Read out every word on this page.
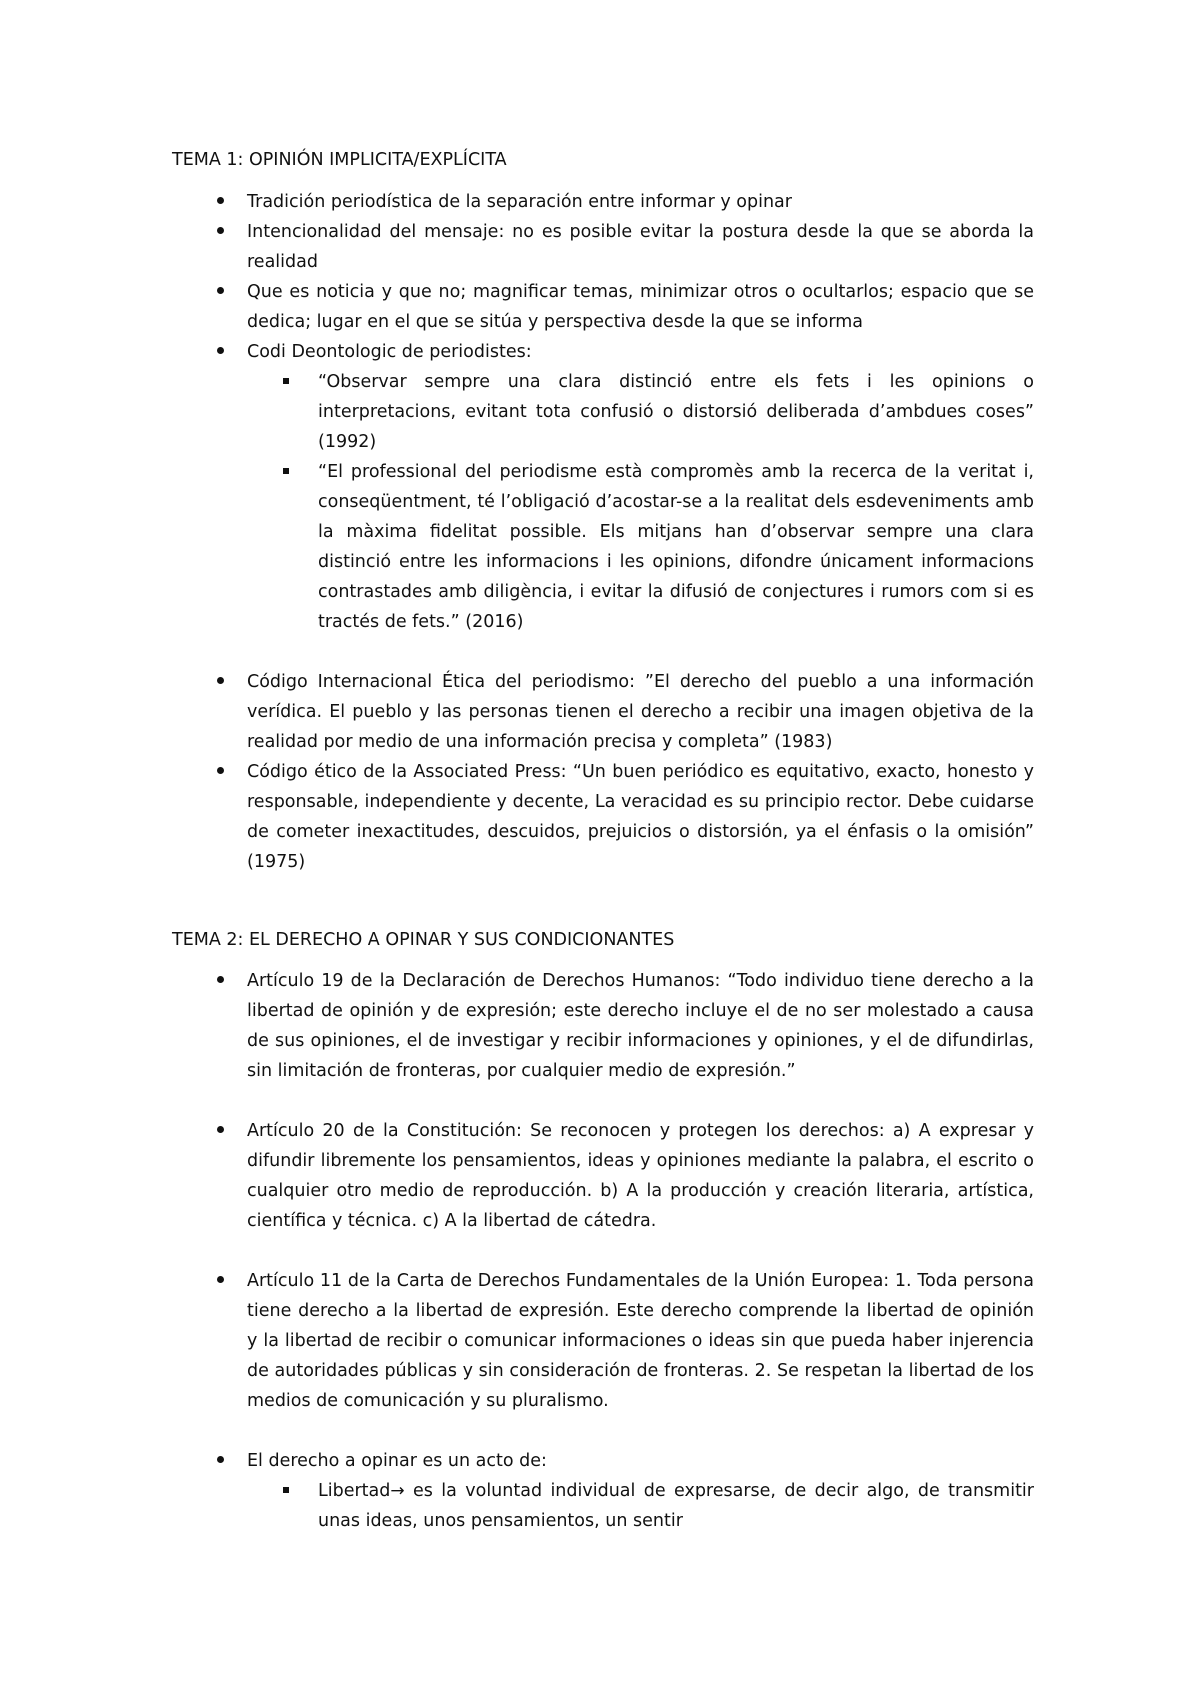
TEMA 1: OPINIÓN IMPLICITA/EXPLÍCITA
Tradición periodística de la separación entre informar y opinar
Intencionalidad del mensaje: no es posible evitar la postura desde la que se aborda la realidad
Que es noticia y que no; magnificar temas, minimizar otros o ocultarlos; espacio que se dedica; lugar en el que se sitúa y perspectiva desde la que se informa
Codi Deontologic de periodistes:
“Observar sempre una clara distinció entre els fets i les opinions o interpretacions, evitant tota confusió o distorsió deliberada d’ambdues coses” (1992)
“El professional del periodisme està compromès amb la recerca de la veritat i, conseqüentment, té l’obligació d’acostar-se a la realitat dels esdeveniments amb la màxima fidelitat possible. Els mitjans han d’observar sempre una clara distinció entre les informacions i les opinions, difondre únicament informacions contrastades amb diligència, i evitar la difusió de conjectures i rumors com si es tractés de fets.” (2016)
Código Internacional Ética del periodismo: ”El derecho del pueblo a una información verídica. El pueblo y las personas tienen el derecho a recibir una imagen objetiva de la realidad por medio de una información precisa y completa” (1983)
Código ético de la Associated Press: “Un buen periódico es equitativo, exacto, honesto y responsable, independiente y decente, La veracidad es su principio rector. Debe cuidarse de cometer inexactitudes, descuidos, prejuicios o distorsión, ya el énfasis o la omisión” (1975)
TEMA 2: EL DERECHO A OPINAR Y SUS CONDICIONANTES
Artículo 19 de la Declaración de Derechos Humanos: “Todo individuo tiene derecho a la libertad de opinión y de expresión; este derecho incluye el de no ser molestado a causa de sus opiniones, el de investigar y recibir informaciones y opiniones, y el de difundirlas, sin limitación de fronteras, por cualquier medio de expresión.”
Artículo 20 de la Constitución: Se reconocen y protegen los derechos: a) A expresar y difundir libremente los pensamientos, ideas y opiniones mediante la palabra, el escrito o cualquier otro medio de reproducción. b) A la producción y creación literaria, artística, científica y técnica. c) A la libertad de cátedra.
Artículo 11 de la Carta de Derechos Fundamentales de la Unión Europea: 1. Toda persona tiene derecho a la libertad de expresión. Este derecho comprende la libertad de opinión y la libertad de recibir o comunicar informaciones o ideas sin que pueda haber injerencia de autoridades públicas y sin consideración de fronteras. 2. Se respetan la libertad de los medios de comunicación y su pluralismo.
El derecho a opinar es un acto de:
Libertad→ es la voluntad individual de expresarse, de decir algo, de transmitir unas ideas, unos pensamientos, un sentir
